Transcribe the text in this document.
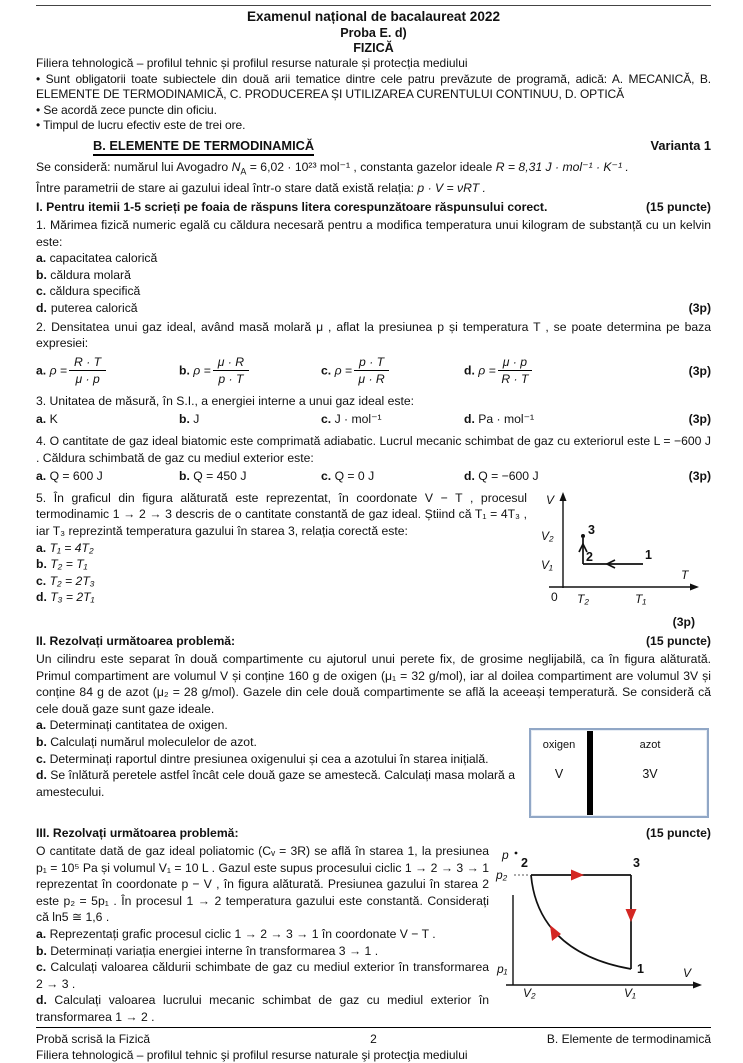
Examenul național de bacalaureat 2022
Proba E. d)
FIZICĂ
Filiera tehnologică – profilul tehnic și profilul resurse naturale și protecția mediului
• Sunt obligatorii toate subiectele din două arii tematice dintre cele patru prevăzute de programă, adică: A. MECANICĂ, B. ELEMENTE DE TERMODINAMICĂ, C. PRODUCEREA ȘI UTILIZAREA CURENTULUI CONTINUU, D. OPTICĂ
• Se acordă zece puncte din oficiu.
• Timpul de lucru efectiv este de trei ore.
B. ELEMENTE DE TERMODINAMICĂ	Varianta 1
Se consideră: numărul lui Avogadro $N_A = 6,02 \cdot 10^{23}$ mol⁻¹ , constanta gazelor ideale R = 8,31 J · mol⁻¹ · K⁻¹ .
Între parametrii de stare ai gazului ideal într-o stare dată există relația: p · V = νRT .
I. Pentru itemii 1-5 scrieți pe foaia de răspuns litera corespunzătoare răspunsului corect.	(15 puncte)
1. Mărimea fizică numeric egală cu căldura necesară pentru a modifica temperatura unui kilogram de substanță cu un kelvin este:
a. capacitatea calorică
b. căldura molară
c. căldura specifică
d. puterea calorică	(3p)
2. Densitatea unui gaz ideal, având masă molară μ , aflat la presiunea p și temperatura T , se poate determina pe baza expresiei:
a. $\rho = \frac{R \cdot T}{\mu \cdot p}$	b. $\rho = \frac{\mu \cdot R}{p \cdot T}$	c. $\rho = \frac{p \cdot T}{\mu \cdot R}$	d. $\rho = \frac{\mu \cdot p}{R \cdot T}$	(3p)
3. Unitatea de măsură, în S.I., a energiei interne a unui gaz ideal este:
a. K	b. J	c. J · mol⁻¹	d. Pa · mol⁻¹	(3p)
4. O cantitate de gaz ideal biatomic este comprimată adiabatic. Lucrul mecanic schimbat de gaz cu exteriorul este L = −600 J . Căldura schimbată de gaz cu mediul exterior este:
a. Q = 600 J	b. Q = 450 J	c. Q = 0 J	d. Q = −600 J	(3p)
V
V₂
V₁
0 T₂	T₁
T
1
2
3
(3p)
5. În graficul din figura alăturată este reprezentat, în coordonate V − T , procesul termodinamic 1 → 2 → 3 descris de o cantitate constantă de gaz ideal. Știind că T₁ = 4T₃ , iar T₃ reprezintă temperatura gazului în starea 3, relația corectă este:
a. T₁ = 4T₂
b. T₂ = T₁
c. T₂ = 2T₃
d. T₃ = 2T₁
II. Rezolvați următoarea problemă:	(15 puncte)
Un cilindru este separat în două compartimente cu ajutorul unui perete fix, de grosime neglijabilă, ca în figura alăturată. Primul compartiment are volumul V și conține 160 g de oxigen (μ₁ = 32 g/mol), iar al doilea compartiment are volumul 3V și conține 84 g de azot (μ₂ = 28 g/mol). Gazele din cele două compartimente se află la aceeași temperatură. Se consideră că cele două gaze sunt gaze ideale.
oxigen
V
azot
3V
a. Determinați cantitatea de oxigen.
b. Calculați numărul moleculelor de azot.
c. Determinați raportul dintre presiunea oxigenului și cea a azotului în starea inițială.
d. Se înlătură peretele astfel încât cele două gaze se amestecă. Calculați masa molară a amestecului.
III. Rezolvați următoarea problemă:	(15 puncte)
p
p₂
p₁	V
V₂	V₁
2	3
1
O cantitate dată de gaz ideal poliatomic (Cᵥ = 3R) se află în starea 1, la presiunea p₁ = 10⁵ Pa și volumul V₁ = 10 L . Gazul este supus procesului ciclic 1 → 2 → 3 → 1 reprezentat în coordonate p − V , în figura alăturată. Presiunea gazului în starea 2 este p₂ = 5p₁ . În procesul 1 → 2 temperatura gazului este constantă. Considerați că ln5 ≅ 1,6 .
a. Reprezentați grafic procesul ciclic 1 → 2 → 3 → 1 în coordonate V − T .
b. Determinați variația energiei interne în transformarea 3 → 1 .
c. Calculați valoarea căldurii schimbate de gaz cu mediul exterior în transformarea 2 → 3 .
d. Calculați valoarea lucrului mecanic schimbat de gaz cu mediul exterior în transformarea 1 → 2 .
Probă scrisă la Fizică	2	B. Elemente de termodinamică
Filiera tehnologică – profilul tehnic şi profilul resurse naturale şi protecţia mediului
